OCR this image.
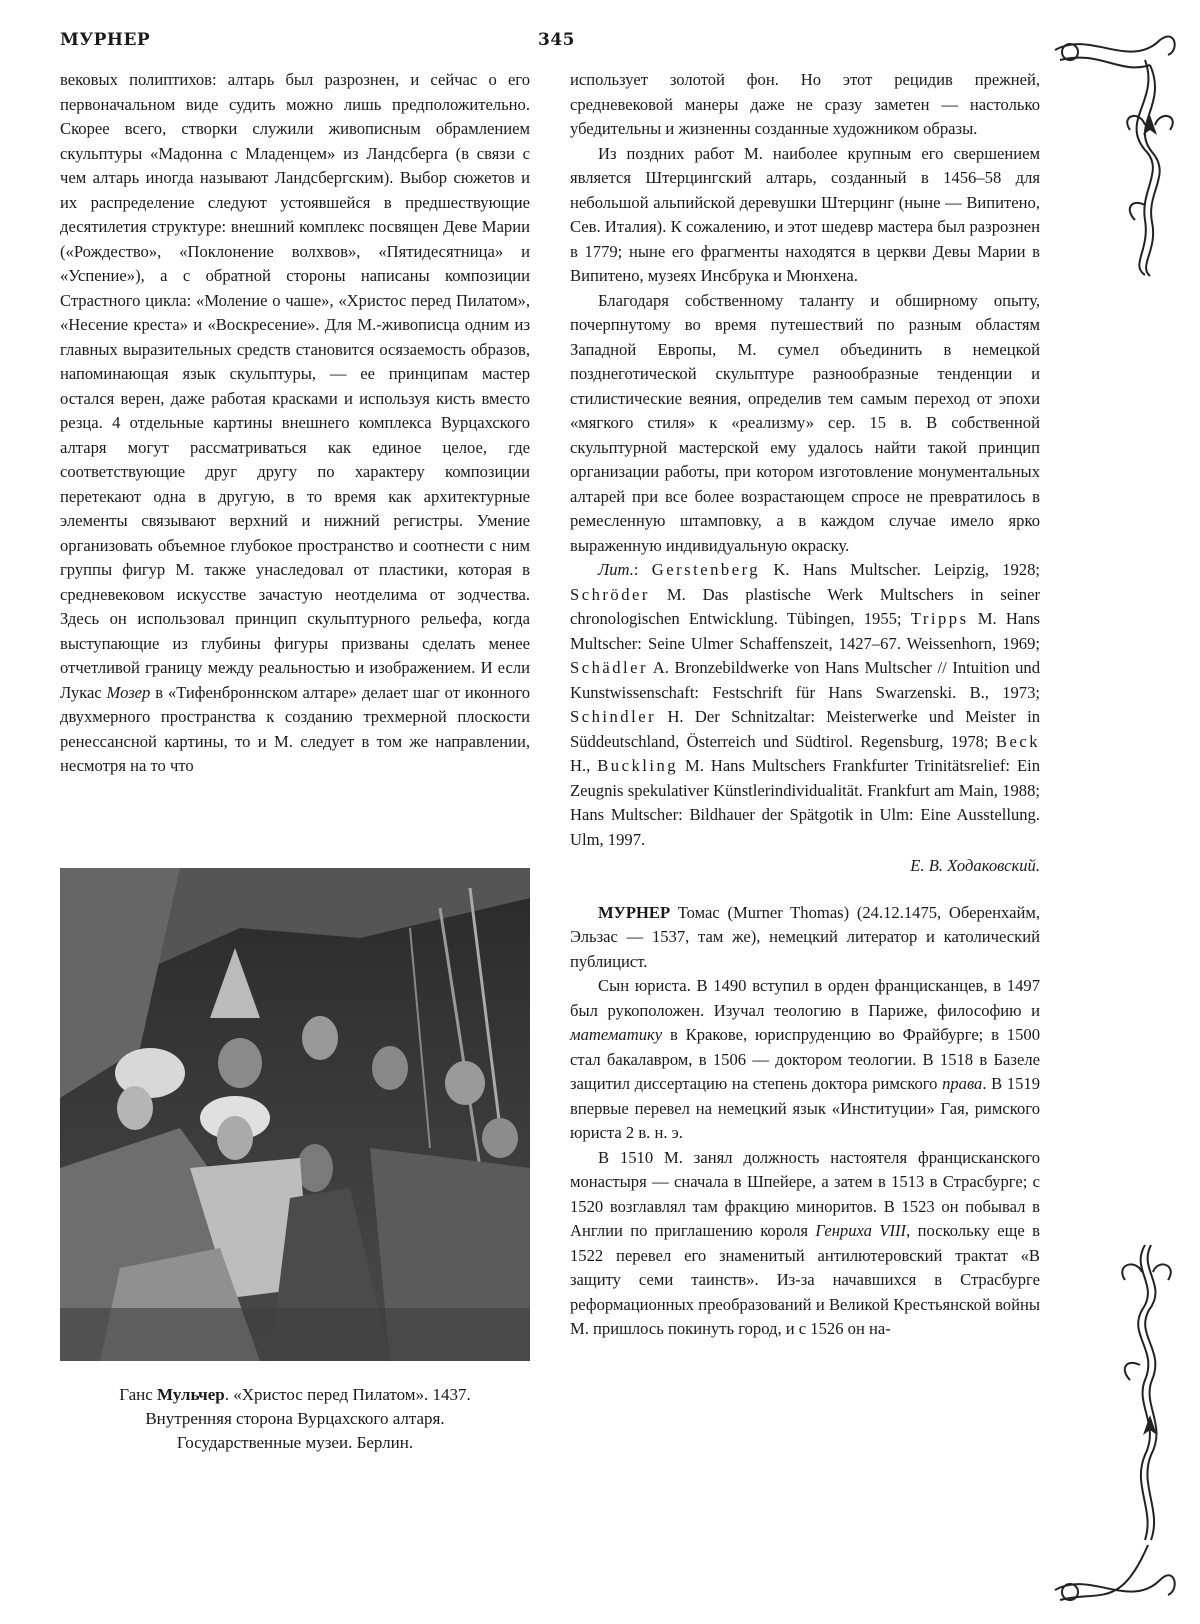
МУРНЕР	345

вековых полиптихов: алтарь был разрознен, и сейчас о его первоначальном виде судить можно лишь предположительно. Скорее всего, створки служили живописным обрамлением скульптуры «Мадонна с Младенцем» из Ландсберга (в связи с чем алтарь иногда называют Ландсбергским). Выбор сюжетов и их распределение следуют устоявшейся в предшествующие десятилетия структуре: внешний комплекс посвящен Деве Марии («Рождество», «Поклонение волхвов», «Пятидесятница» и «Успение»), а с обратной стороны написаны композиции Страстного цикла: «Моление о чаше», «Христос перед Пилатом», «Несение креста» и «Воскресение». Для М.-живописца одним из главных выразительных средств становится осязаемость образов, напоминающая язык скульптуры, — ее принципам мастер остался верен, даже работая красками и используя кисть вместо резца. 4 отдельные картины внешнего комплекса Вурцахского алтаря могут рассматриваться как единое целое, где соответствующие друг другу по характеру композиции перетекают одна в другую, в то время как архитектурные элементы связывают верхний и нижний регистры. Умение организовать объемное глубокое пространство и соотнести с ним группы фигур М. также унаследовал от пластики, которая в средневековом искусстве зачастую неотделима от зодчества. Здесь он использовал принцип скульптурного рельефа, когда выступающие из глубины фигуры призваны сделать менее отчетливой границу между реальностью и изображением. И если Лукас Мозер в «Тифенброннском алтаре» делает шаг от иконного двухмерного пространства к созданию трехмерной плоскости ренессансной картины, то и М. следует в том же направлении, несмотря на то что

Ганс Мульчер. «Христос перед Пилатом». 1437.
Внутренняя сторона Вурцахского алтаря.
Государственные музеи. Берлин.

использует золотой фон. Но этот рецидив прежней, средневековой манеры даже не сразу заметен — настолько убедительны и жизненны созданные художником образы.

Из поздних работ М. наиболее крупным его свершением является Штерцингский алтарь, созданный в 1456–58 для небольшой альпийской деревушки Штерцинг (ныне — Випитено, Сев. Италия). К сожалению, и этот шедевр мастера был разрознен в 1779; ныне его фрагменты находятся в церкви Девы Марии в Випитено, музеях Инсбрука и Мюнхена.

Благодаря собственному таланту и обширному опыту, почерпнутому во время путешествий по разным областям Западной Европы, М. сумел объединить в немецкой позднеготической скульптуре разнообразные тенденции и стилистические веяния, определив тем самым переход от эпохи «мягкого стиля» к «реализму» сер. 15 в. В собственной скульптурной мастерской ему удалось найти такой принцип организации работы, при котором изготовление монументальных алтарей при все более возрастающем спросе не превратилось в ремесленную штамповку, а в каждом случае имело ярко выраженную индивидуальную окраску.

Лит.: Gerstenberg K. Hans Multscher. Leipzig, 1928; Schröder M. Das plastische Werk Multschers in seiner chronologischen Entwicklung. Tübingen, 1955; Tripps M. Hans Multscher: Seine Ulmer Schaffenszeit, 1427–67. Weissenhorn, 1969; Schädler A. Bronzebildwerke von Hans Multscher // Intuition und Kunstwissenschaft: Festschrift für Hans Swarzenski. B., 1973; Schindler H. Der Schnitzaltar: Meisterwerke und Meister in Süddeutschland, Österreich und Südtirol. Regensburg, 1978; Beck H., Buckling M. Hans Multschers Frankfurter Trinitätsrelief: Ein Zeugnis spekulativer Künstlerindividualität. Frankfurt am Main, 1988; Hans Multscher: Bildhauer der Spätgotik in Ulm: Eine Ausstellung. Ulm, 1997.

Е. В. Ходаковский.

МУРНЕР Томас (Murner Thomas) (24.12.1475, Оберенхайм, Эльзас — 1537, там же), немецкий литератор и католический публицист.

Сын юриста. В 1490 вступил в орден францисканцев, в 1497 был рукоположен. Изучал теологию в Париже, философию и математику в Кракове, юриспруденцию во Фрайбурге; в 1500 стал бакалавром, в 1506 — доктором теологии. В 1518 в Базеле защитил диссертацию на степень доктора римского права. В 1519 впервые перевел на немецкий язык «Институции» Гая, римского юриста 2 в. н. э.

В 1510 М. занял должность настоятеля францисканского монастыря — сначала в Шпейере, а затем в 1513 в Страсбурге; с 1520 возглавлял там фракцию миноритов. В 1523 он побывал в Англии по приглашению короля Генриха VIII, поскольку еще в 1522 перевел его знаменитый антилютеровский трактат «В защиту семи таинств». Из-за начавшихся в Страсбурге реформационных преобразований и Великой Крестьянской войны М. пришлось покинуть город, и с 1526 он на-
